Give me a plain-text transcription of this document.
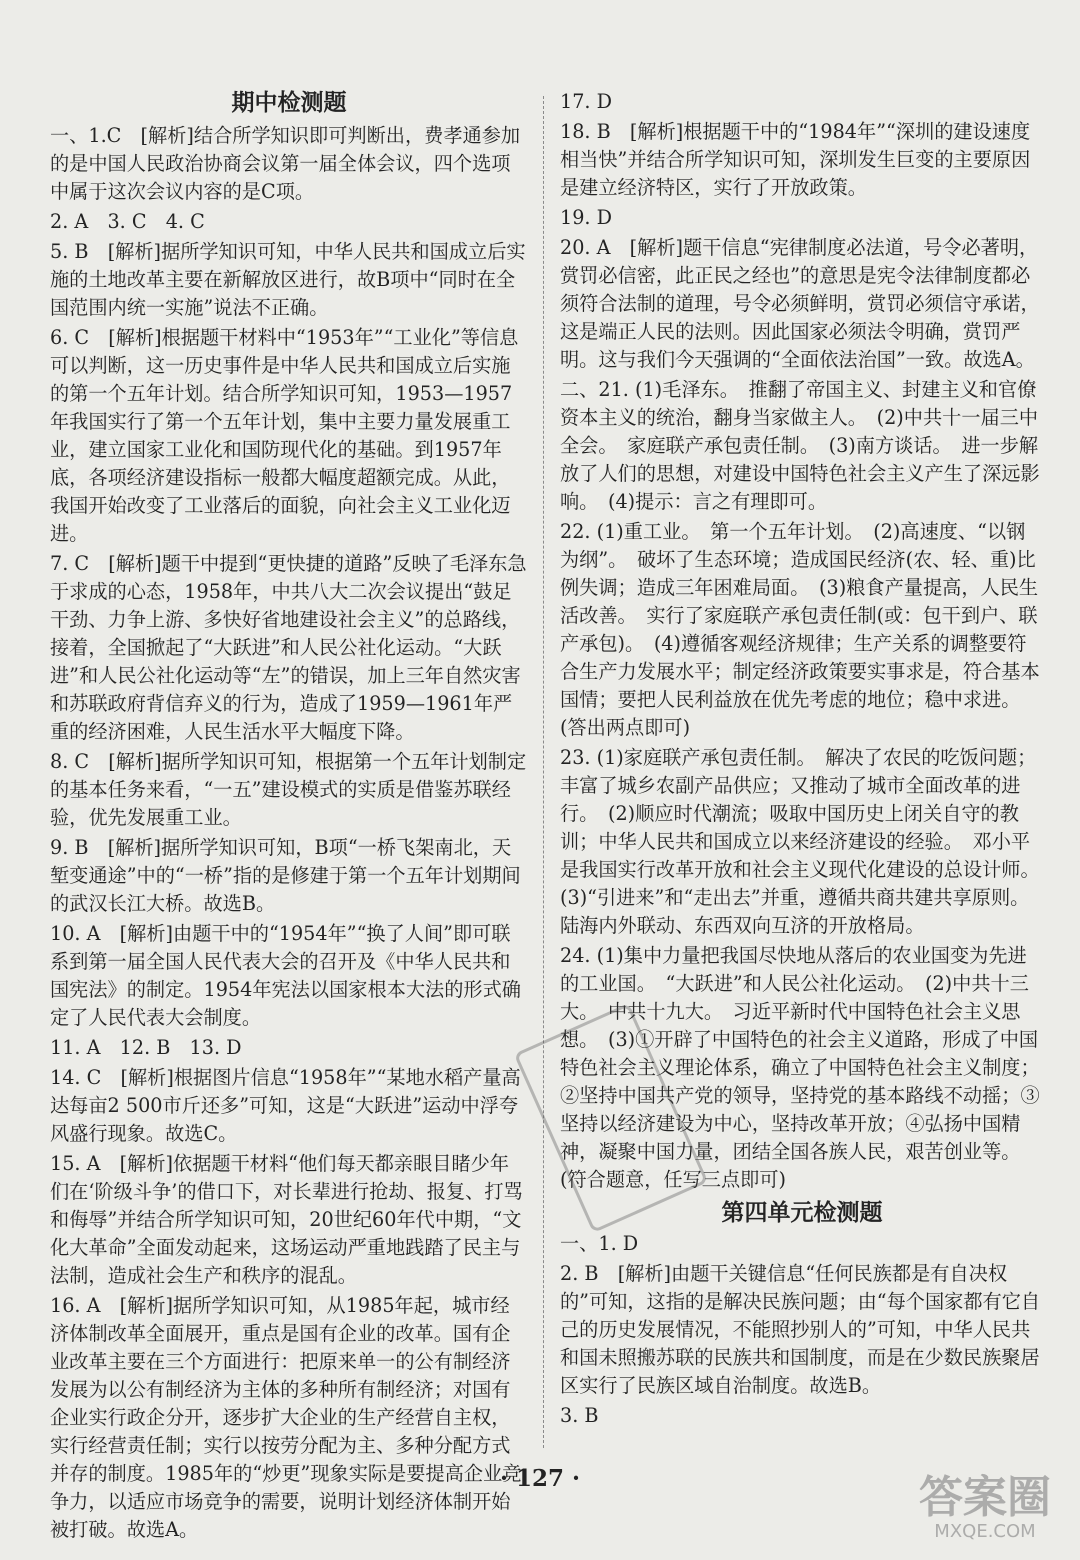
期中检测题
一、1.C　[解析]结合所学知识即可判断出，费孝通参加的是中国人民政治协商会议第一届全体会议，四个选项中属于这次会议内容的是C项。
2. A　3. C　4. C
5. B　[解析]据所学知识可知，中华人民共和国成立后实施的土地改革主要在新解放区进行，故B项中“同时在全国范围内统一实施”说法不正确。
6. C　[解析]根据题干材料中“1953年”“工业化”等信息可以判断，这一历史事件是中华人民共和国成立后实施的第一个五年计划。结合所学知识可知，1953—1957年我国实行了第一个五年计划，集中主要力量发展重工业，建立国家工业化和国防现代化的基础。到1957年底，各项经济建设指标一般都大幅度超额完成。从此，我国开始改变了工业落后的面貌，向社会主义工业化迈进。
7. C　[解析]题干中提到“更快捷的道路”反映了毛泽东急于求成的心态，1958年，中共八大二次会议提出“鼓足干劲、力争上游、多快好省地建设社会主义”的总路线，接着，全国掀起了“大跃进”和人民公社化运动。“大跃进”和人民公社化运动等“左”的错误，加上三年自然灾害和苏联政府背信弃义的行为，造成了1959—1961年严重的经济困难，人民生活水平大幅度下降。
8. C　[解析]据所学知识可知，根据第一个五年计划制定的基本任务来看，“一五”建设模式的实质是借鉴苏联经验，优先发展重工业。
9. B　[解析]据所学知识可知，B项“一桥飞架南北，天堑变通途”中的“一桥”指的是修建于第一个五年计划期间的武汉长江大桥。故选B。
10. A　[解析]由题干中的“1954年”“换了人间”即可联系到第一届全国人民代表大会的召开及《中华人民共和国宪法》的制定。1954年宪法以国家根本大法的形式确定了人民代表大会制度。
11. A　12. B　13. D
14. C　[解析]根据图片信息“1958年”“某地水稻产量高达每亩2 500市斤还多”可知，这是“大跃进”运动中浮夸风盛行现象。故选C。
15. A　[解析]依据题干材料“他们每天都亲眼目睹少年们在‘阶级斗争’的借口下，对长辈进行抢劫、报复、打骂和侮辱”并结合所学知识可知，20世纪60年代中期，“文化大革命”全面发动起来，这场运动严重地践踏了民主与法制，造成社会生产和秩序的混乱。
16. A　[解析]据所学知识可知，从1985年起，城市经济体制改革全面展开，重点是国有企业的改革。国有企业改革主要在三个方面进行：把原来单一的公有制经济发展为以公有制经济为主体的多种所有制经济；对国有企业实行政企分开，逐步扩大企业的生产经营自主权，实行经营责任制；实行以按劳分配为主、多种分配方式并存的制度。1985年的“炒更”现象实际是要提高企业竞争力，以适应市场竞争的需要，说明计划经济体制开始被打破。故选A。
17. D
18. B　[解析]根据题干中的“1984年”“深圳的建设速度相当快”并结合所学知识可知，深圳发生巨变的主要原因是建立经济特区，实行了开放政策。
19. D
20. A　[解析]题干信息“宪律制度必法道，号令必著明，赏罚必信密，此正民之经也”的意思是宪令法律制度都必须符合法制的道理，号令必须鲜明，赏罚必须信守承诺，这是端正人民的法则。因此国家必须法令明确，赏罚严明。这与我们今天强调的“全面依法治国”一致。故选A。
二、21. (1)毛泽东。　推翻了帝国主义、封建主义和官僚资本主义的统治，翻身当家做主人。　(2)中共十一届三中全会。　家庭联产承包责任制。　(3)南方谈话。　进一步解放了人们的思想，对建设中国特色社会主义产生了深远影响。　(4)提示：言之有理即可。
22. (1)重工业。　第一个五年计划。　(2)高速度、“以钢为纲”。　破坏了生态环境；造成国民经济(农、轻、重)比例失调；造成三年困难局面。　(3)粮食产量提高，人民生活改善。　实行了家庭联产承包责任制(或：包干到户、联产承包)。　(4)遵循客观经济规律；生产关系的调整要符合生产力发展水平；制定经济政策要实事求是，符合基本国情；要把人民利益放在优先考虑的地位；稳中求进。(答出两点即可)
23. (1)家庭联产承包责任制。　解决了农民的吃饭问题；丰富了城乡农副产品供应；又推动了城市全面改革的进行。　(2)顺应时代潮流；吸取中国历史上闭关自守的教训；中华人民共和国成立以来经济建设的经验。　邓小平是我国实行改革开放和社会主义现代化建设的总设计师。　(3)“引进来”和“走出去”并重，遵循共商共建共享原则。　陆海内外联动、东西双向互济的开放格局。
24. (1)集中力量把我国尽快地从落后的农业国变为先进的工业国。　“大跃进”和人民公社化运动。　(2)中共十三大。　中共十九大。　习近平新时代中国特色社会主义思想。　(3)①开辟了中国特色的社会主义道路，形成了中国特色社会主义理论体系，确立了中国特色社会主义制度；②坚持中国共产党的领导，坚持党的基本路线不动摇；③坚持以经济建设为中心，坚持改革开放；④弘扬中国精神，凝聚中国力量，团结全国各族人民，艰苦创业等。(符合题意，任写三点即可)
第四单元检测题
一、1. D
2. B　[解析]由题干关键信息“任何民族都是有自决权的”可知，这指的是解决民族问题；由“每个国家都有它自己的历史发展情况，不能照抄别人的”可知，中华人民共和国未照搬苏联的民族共和国制度，而是在少数民族聚居区实行了民族区域自治制度。故选B。
3. B
· 127 ·	答案圈
MXQE.COM
